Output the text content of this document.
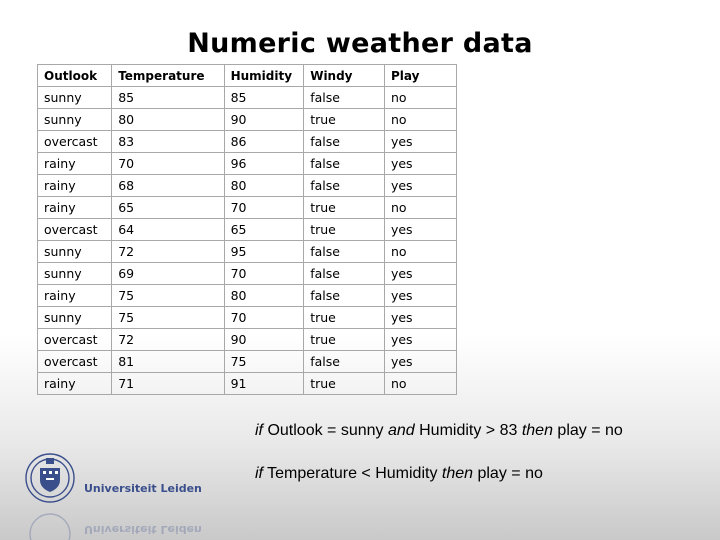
Numeric weather data
Outlook	Temperature	Humidity	Windy	Play
sunny	85	85	false	no
sunny	80	90	true	no
overcast	83	86	false	yes
rainy	70	96	false	yes
rainy	68	80	false	yes
rainy	65	70	true	no
overcast	64	65	true	yes
sunny	72	95	false	no
sunny	69	70	false	yes
rainy	75	80	false	yes
sunny	75	70	true	yes
overcast	72	90	true	yes
overcast	81	75	false	yes
rainy	71	91	true	no
if Outlook = sunny and Humidity > 83 then play = no
if Temperature < Humidity then play = no
Universiteit Leiden
Universiteit Leiden
